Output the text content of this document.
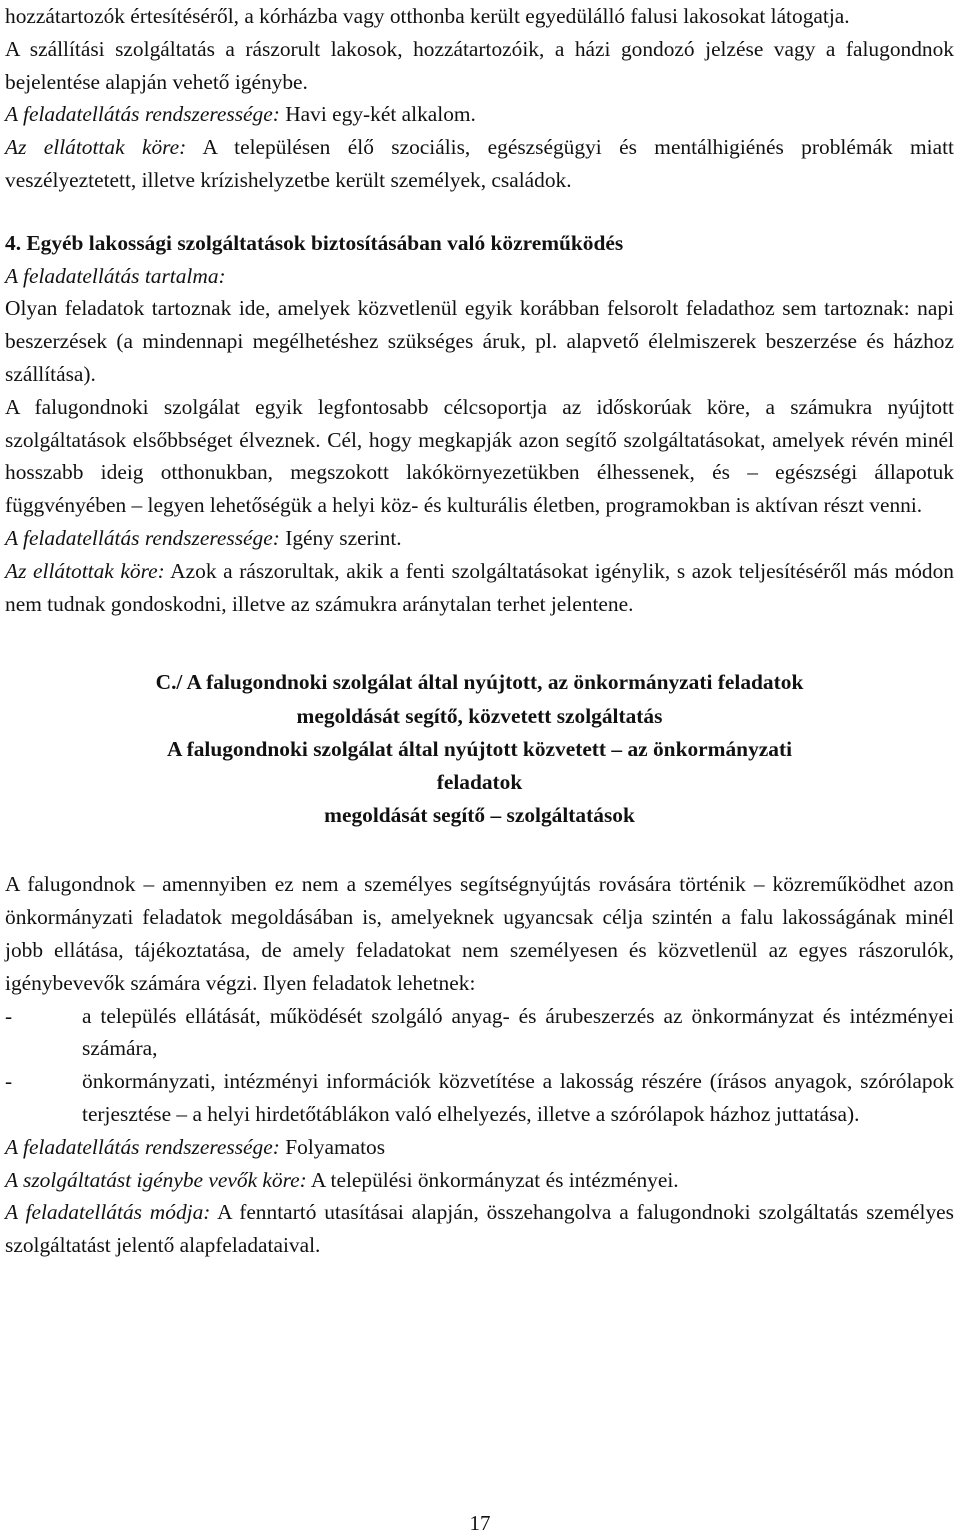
hozzátartozók értesítéséről, a kórházba vagy otthonba került egyedülálló falusi lakosokat látogatja.

A szállítási szolgáltatás a rászorult lakosok, hozzátartozóik, a házi gondozó jelzése vagy a falugondnok bejelentése alapján vehető igénybe.

A feladatellátás rendszeressége: Havi egy-két alkalom.

Az ellátottak köre: A településen élő szociális, egészségügyi és mentálhigiénés problémák miatt veszélyeztetett, illetve krízishelyzetbe került személyek, családok.

4. Egyéb lakossági szolgáltatások biztosításában való közreműködés

A feladatellátás tartalma:

Olyan feladatok tartoznak ide, amelyek közvetlenül egyik korábban felsorolt feladathoz sem tartoznak: napi beszerzések (a mindennapi megélhetéshez szükséges áruk, pl. alapvető élelmiszerek beszerzése és házhoz szállítása).

A falugondnoki szolgálat egyik legfontosabb célcsoportja az időskorúak köre, a számukra nyújtott szolgáltatások elsőbbséget élveznek. Cél, hogy megkapják azon segítő szolgáltatásokat, amelyek révén minél hosszabb ideig otthonukban, megszokott lakókörnyezetükben élhessenek, és – egészségi állapotuk függvényében – legyen lehetőségük a helyi köz- és kulturális életben, programokban is aktívan részt venni.

A feladatellátás rendszeressége: Igény szerint.

Az ellátottak köre: Azok a rászorultak, akik a fenti szolgáltatásokat igénylik, s azok teljesítéséről más módon nem tudnak gondoskodni, illetve az számukra aránytalan terhet jelentene.

C./ A falugondnoki szolgálat által nyújtott, az önkormányzati feladatok

megoldását segítő, közvetett szolgáltatás

A falugondnoki szolgálat által nyújtott közvetett – az önkormányzati

feladatok

megoldását segítő – szolgáltatások

A falugondnok – amennyiben ez nem a személyes segítségnyújtás rovására történik – közreműködhet azon önkormányzati feladatok megoldásában is, amelyeknek ugyancsak célja szintén a falu lakosságának minél jobb ellátása, tájékoztatása, de amely feladatokat nem személyesen és közvetlenül az egyes rászorulók, igénybevevők számára végzi. Ilyen feladatok lehetnek:

-	a település ellátását, működését szolgáló anyag- és árubeszerzés az önkormányzat és intézményei számára,
-	önkormányzati, intézményi információk közvetítése a lakosság részére (írásos anyagok, szórólapok terjesztése – a helyi hirdetőtáblákon való elhelyezés, illetve a szórólapok házhoz juttatása).

A feladatellátás rendszeressége: Folyamatos

A szolgáltatást igénybe vevők köre: A települési önkormányzat és intézményei.

A feladatellátás módja: A fenntartó utasításai alapján, összehangolva a falugondnoki szolgáltatás személyes szolgáltatást jelentő alapfeladataival.

17
